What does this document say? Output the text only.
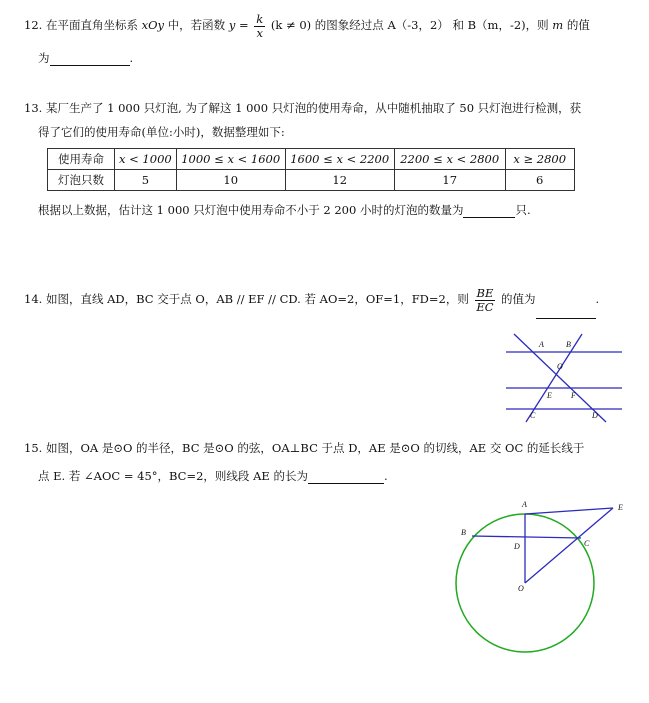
12. 在平面直角坐标系 xOy 中，若函数 $y = \frac{k}{x} (k \ne 0)$ 的图象经过点 A（-3，2） 和 B（m，-2)，则 m 的值
为	.
13. 某厂生产了 1 000 只灯泡, 为了解这 1 000 只灯泡的使用寿命，从中随机抽取了 50 只灯泡进行检测，获
得了它们的使用寿命(单位:小时)，数据整理如下:
使用寿命	x < 1000	1000 ≤ x < 1600	1600 ≤ x < 2200	2200 ≤ x < 2800	x ≥ 2800
灯泡只数	5	10	12	17	6
根据以上数据，估计这 1 000 只灯泡中使用寿命不小于 2 200 小时的灯泡的数量为	只.
14. 如图，直线 AD，BC 交于点 O，AB // EF // CD. 若 AO=2，OF=1，FD=2，则 $\frac{BE}{EC}$ 的值为	.
A	B
O
E F
C	D
15. 如图，OA 是⊙O 的半径，BC 是⊙O 的弦，OA⊥BC 于点 D，AE 是⊙O 的切线，AE 交 OC 的延长线于
点 E. 若 ∠AOC = 45°，BC=2，则线段 AE 的长为	.
A
B
D	C
E
O
